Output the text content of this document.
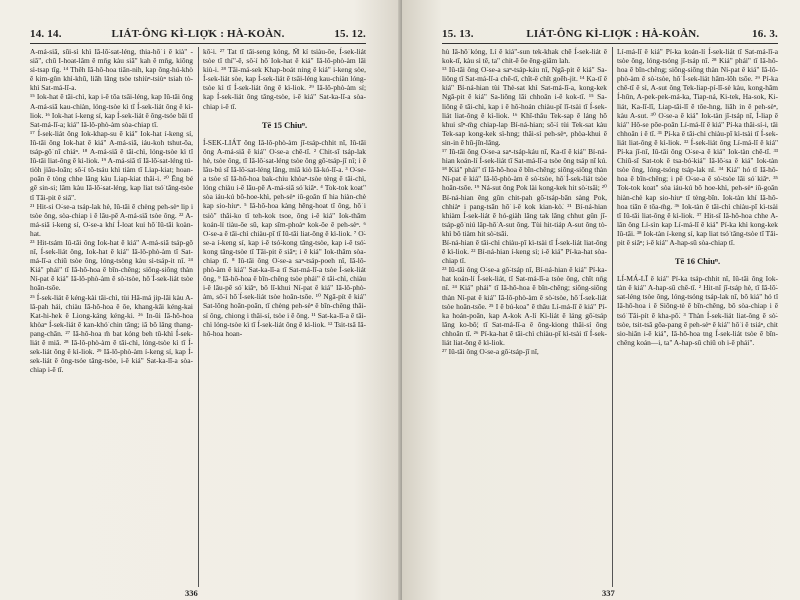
14. 14.	LIÁT-ÔNG KÌ-LIỌ̍K : HÀ-KOÀN.	15. 12.

A-má-siā, sūi-sì khì Iā-lō͘-sat-léng, thia-hō͘ i ē kià" -siā", chū I-hoat-lâm ē mn̄g kàu siā" kah ē mn̄g, kiōng sì-tsap tīg. ¹⁴ Thêh Iā-hô-hoa tiân-nih, kap ông-hú-khò͘ ē kim-gûn khì-khū, liāh lâng tsòe tshiùⁿ-tsiùⁿ tsiah tò-khì Sat-má-lī-a.

¹⁵ Iok-hat ē tāi-chì, kap i-ē tōa tsāi-léng, kap Iû-tāi ông A-má-siā kau-chiàn, lóng-tsòe kì tī Í-sek-liát ông ē kì-liok. ¹⁶ Iok-hat í-keng sí, kap Í-sek-liát ē ông-tsóe bâi tī Sat-má-lī-a; kiá" Iā-lô-phò-àm sòa-chiap tī.

¹⁷ Í-sek-liát ông Iok-khap-su ē kiá" Iok-hat í-keng sí, Iû-tāi ông Iok-hat ē kiá" A-má-siā, iáu-koh tshut-ōa, tsáp-gō͘ nî chiáⁿ. ¹⁸ A-má-siā ē tāi-chì, lóng-tsòe kì tī Iû-tāi liat-ông ē kì-liok. ¹⁹ A-má-siā tī Iā-lō͘-sat-léng tú-tiòh jiâu-loān; sô͘-í tô-tsáu khì tiàm tī Liap-kiat; hoan-poān ē tòng chhe lâng kàu Liap-kiat thâi-i. ²⁰ Ēng bé gē sin-si; lâm kàu Iā-lō͘-sat-léng, kap liat tsó͘ tâng-tsòe tī Tāi-pit ê siâ".

²¹ Hit-si O͘-se-a tsáp-lak hè, Iû-tāi ē chèng peh-sèⁿ lip i tsòe ông, sòa-chiap i ē lāu-pē A-má-siā tsòe ông. ²² A-má-siā í-keng sí, O͘-se-a khí Í-loat kui hō͘ Iû-tāi koàn-hat.

²³ Hit-tsám Iû-tāi ông Iok-hat ē kiá" A-má-siā tsáp-gō͘ nî, Í-sek-liát ông, Iok-hat ē kiá" Iā-lô-phò-àm tī Sat-má-lī-a chiū tsòe ông, lóng-tsòng kàu sì-tsáp-it nî. ²⁴ Kiá" phái" tī Iā-hô-hoa ē bīn-chêng; siōng-siōng thàn Ní-pat ē kiá" Iā-lô-phò-àm ē sò͘-tsòe, hō͘ Í-sek-liát tsòe hoān-tsōe.

²⁵ Í-sek-liát ē kéng-kài tāi-chì, tùi Hâ-má jip-lāi kàu A-lâ-pah hái, chiàu Iā-hô-hoa ē ōe, khang-kāi kéng-kai Kat-hi-hek ē Liong-káng kéng-ki. ²⁶ In-ūi Iā-hô-hoa khòaⁿ Í-sek-liát ē kan-khó͘ chin tāng; iā bô lâng thang-pang-chān. ²⁷ Iā-hô-hoa m̄ bat kóng beh tû-khì Í-sek-liát ē miâ. ²⁸ Iā-lô-phò-àm ē tāi-chì, lóng-tsòe kì tī Í-sek-liát ông ē kì-liok. ²⁹ Iā-lô-phò-àm í-keng sí, kap Í-sek-liát ē ông-tsóe tâng-tsòe, i-ē kiá" Sat-ka-lī-a sòa-chiap i-ē tī.

kō͘-i. ²⁷ Tat tī tāi-seng kóng, M̄ kí tsiàu-ōe, Í-sek-liát tsòe tī thí"-ē, sô͘-í hō͘ Iok-hat ē kiá" Iā-lô-phò-àm lāi kiù-i. ²⁸ Tāi-má-sek Khap-boát ning ē kiá" i-keng sòe, Í-sek-liát sòe, kap Í-sek-liát ē tsāi-léng kau-chiàn lóng-tsòe kì tī Í-sek-liát ông ē kì-liok. ²⁹ Iā-lô-phò-àm sí; kap Í-sek-liát ông tâng-tsòe, i-ē kiá" Sat-ka-lī-a sòa-chiap i-ē tī.

Tē 15 Chiuⁿ.

Í-SEK-LIÁT ông Iā-lô-phò-àm jī-tsáp-chhit nî, Iû-tāi ông A-má-siā ē kiá" O͘-se-a chē-tī. ² Chit-sī tsáp-lak hè, tsòe ông, tī Iā-lō͘-sat-léng tsòe ông gō͘-tsáp-jī nî; i ē lāu-bú sī Iā-lō͘-sat-léng lâng, miâ kiò Iā-kó-lī-a. ³ O͘-se-a tsòe sī Iā-hô-hoa bak-chiu khòaⁿ-tsòe tèng ē tāi-chì, lóng chiàu i-ē lāu-pē A-má-siā só͘ kiâⁿ. ⁴ Tok-tok koat" sòa iáu-kú bô-hoe-khì, peh-sèⁿ iû-goân tī hia hiàn-chè kap sio-hiuⁿ. ⁵ Iā-hô-hoa kàng hêng-hoat tī ông, hō͘ i tsiò" thâi-ko tī teh-kok tsoe, ông i-ē kiá" Iok-thâm koán-lí tiàu-ōe sū, kap sīm-phoàⁿ kok-ōe ē peh-sèⁿ. ⁶ O͘-se-a ē tāi-chì chiàu-pī tī Iû-tāi liat-ông ē kì-liok. ⁷ O͘-se-a í-keng sí, kap i-ē tsó͘-kong tâng-tsòe, kap i-ē tsó͘-kong tâng-tsòe tī Tāi-pit ē siâⁿ; i ē kiá" Iok-thâm sòa-chiap tī. ⁸ Iû-tāi ông O͘-se-a saⁿ-tsáp-poeh nî, Iā-lô-phò-àm ē kiá" Sat-ka-lī-a tī Sat-má-lī-a tsòe Í-sek-liát ông, ⁹ Iā-hô-hoa ē bīn-chêng tsòe phái" ē tāi-chì, chiàu i-ē lāu-pē só͘ kiâⁿ, bô lī-khui Ní-pat ē kiá" Iā-lô-phò-àm, sô͘-í hō͘ Í-sek-liát tsòe hoān-tsōe. ¹⁰ Ngā-pít ē kiá" Sat-lông hoān-poān, tī chèng peh-sèⁿ ē bīn-chêng thâi-sí ông, chiong i thâi-sí, tsòe i ē ông. ¹¹ Sat-ka-lī-a ē tāi-chì lóng-tsòe kì tī Í-sek-liát ông ē kì-liok. ¹² Tsit-tsā Iā-hô-hoa hoan-

336
15. 13.	LIÁT-ÔNG KÌ-LIỌ̍K : HÀ-KOÀN.	16. 3.

hù Iā-hô͘ kóng, Lí ē kiá"-sun tek-khak chē Í-sek-liát ē kok-tī, kàu sì tē, ta" chit-ē ōe ēng-giām lah.

¹³ Iû-tāi ông O͘-se-a saⁿ-tsáp-káu nî, Ngā-pit ē kiá" Sa-liông tī Sat-má-lī-a chē-tī, chīt-ē chīt goēh-jit. ¹⁴ Ka-tī ē kiá" Bí-ná-hian tùi Thè-sat khì Sat-má-lī-a, kong-kek Ngā-pit ē kiá" Sa-liông lāi chhoân i-ē kok-tī. ¹⁵ Sa-liông ē tāi-chì, kap i ē hô͘-hoán chiàu-pī lī-tsài tī Í-sek-liát liat-ông ē kì-liok. ¹⁶ Khī-thâu Tek-sap ē láng hō͘ khui sīⁿ-m̄g chiap-lap Bí-ná-hian; sô͘-í tùi Tek-sat kàu Tek-sap kong-kek sì-hng; thâi-sí peh-sèⁿ, phòa-khui ē sin-in ē hū-jīn-lâng.

¹⁷ Iû-tāi ông O͘-se-a saⁿ-tsáp-káu nî, Ka-tī ē kiá" Bí-ná-hian koán-lí Í-sek-liát tī Sat-má-lī-a tsòe ông tsáp nī kú. ¹⁸ Kiá" phái" tī Iā-hô-hoa ē bīn-chêng; siōng-siōng thàn Ní-pat ē kiá" Iā-lô-phò-àm ē sò͘-tsòe, hō͘ Í-sek-liát tsòe hoān-tsōe. ¹⁹ Ná-sut ông Pok lài kong-kek hit sò͘-tsāi; ²⁰ Bí-ná-hian ēng gûn chit-pah gō͘-tsáp-bān sàng Pok, chhiàⁿ i pang-tsān hō͘ i-ē kok kian-kò͘. ²¹ Bí-ná-hian khiàm Í-sek-liát ē hó-giàh lâng tak lâng chhut gûn jī-tsáp-gō͘ niú lâp-hō͘ A-sut ông. Tùi hit-tiáp A-sut ông tò-khì bô tiàm hit sò͘-tsāi.

Bí-ná-hian ē tāi-chì chiàu-pī kì-tsài tī Í-sek-liát liat-ông ē kì-liok. ²² Bí-ná-hian í-keng sí; i-ē kiá" Pí-ka-hat sòa-chiap tī.

²³ Iû-tāi ông O͘-se-a gō͘-tsáp nî, Bí-ná-hian ē kiá" Pí-ka-hat koán-lí Í-sek-liát, tī Sat-má-lī-a tsòe ông, chīt nn̄g nî. ²⁴ Kiá" phái" tī Iā-hô-hoa ē bīn-chêng; siōng-siōng thàn Ní-pat ē kiá" Iā-lô-phò-àm ē sò͘-tsòe, hō͘ Í-sek-liát tsòe hoān-tsōe. ²⁵ I ē bú-koa" ē thâu Lí-má-lī ē kiá" Pí-ka hoán-poān, kap A-kok A-lí Ki-liát ē láng gō͘-tsáp lâng ko-bô͘; tī Sat-má-lī-a ē ông-kiong thâi-sí ông chhoân tī. ²⁶ Pí-ka-hat ē tāi-chì chiàu-pī kì-tsài tī Í-sek-liát liat-ông ē kì-liok.

²⁷ Iû-tāi ông O͘-se-a gō͘-tsáp-jī nî,

Lí-má-lī ē kiá" Pí-ka koán-lí Í-sek-liát tī Sat-má-lī-a tsòe ông, lóng-tsóng jī-tsáp nî. ²⁸ Kiá" phái" tī Iā-hô-hoa ē bīn-chêng; siōng-siōng thàn Ní-pat ē kiá" Iā-lô-phò-àm ē sò͘-tsòe, hō͘ Í-sek-liát hām-lōh tsōe. ²⁹ Pí-ka chē-tī ē sì, A-sut ông Tek-liap-pí-lī-sè kàu, kong-hām Í-hūn, A-pek-pek-má-ka, Tiap-ná, Ki-tek, Ha-sok, Ki-liát, Ka-lī-lī, Liap-tāi-lī ē tōe-hng, liāh in ē peh-sèⁿ, kàu A-sut. ³⁰ O͘-se-a ē kiá" Iok-tàn jī-tsáp nî, Í-liap ē kiá" Hô-se pōe-poān Lí-má-lī ē kiá" Pí-ka thâi-sí-i, tāi chhoân i ē tī. ³¹ Pí-ka ē tāi-chì chiàu-pī kì-tsài tī Í-sek-liát liat-ông ē kì-liok. ³² Í-sek-liát ông Lí-má-lī ē kiá" Pí-ka jī-nî, Iû-tāi ông O͘-se-a ē kiá" Iok-tàn chē-tī. ³³ Chiū-sī Sat-tok ē tsa-bó͘-kiá" Iā-lō͘-sa ē kiá" Iok-tàn tsòe ông, lóng-tsóng tsáp-lak nî. ³⁴ Kiá" hó tī Iā-hô-hoa ē bīn-chêng; i pē O͘-se-a ē sò͘-tsòe lāi só͘ kiâⁿ. ³⁵ Tok-tok koat" sòa iáu-kú bô hoe-khì, peh-sèⁿ iû-goân hiàn-chè kap sio-hiuⁿ tī tèng-bīn. Iok-tàn khí Iā-hô-hoa tiān ē tōa-m̄g. ³⁶ Iok-tàn ē tāi-chì chiàu-pī kì-tsài tī Iû-tāi liat-ông ē kì-liok. ³⁷ Hit-sī Iā-hô-hoa chhe A-lân ông Lí-sìn kap Lí-má-lī ē kiá" Pí-ka khì kong-kek Iû-tāi. ³⁸ Iok-tàn í-keng sí, kap liat tsó͘ tâng-tsòe tī Tāi-pit ē siâⁿ; i-ē kiá" A-hap-sū sòa-chiap tī.

Tē 16 Chiuⁿ.

LÍ-MÁ-LĪ ē kiá" Pí-ka tsáp-chhit nî, Iû-tāi ông Iok-tàn ē kiá" A-hap-sū chē-tī. ² Hit-nî jī-tsáp hè, tī Iā-lō͘-sat-léng tsòe ông, lóng-tsóng tsáp-lak nî, bô kiá" hó tī Iā-hô-hoa i ē Siōng-tè ē bīn-chêng, bô sòa-chiap i ē tsó͘ Tāi-pít ē kha-pō͘. ³ Thàn Í-sek-liát liat-ông ē sò͘-tsòe, tsit-tsā gōa-pang ē peh-sèⁿ ē kiá" hō͘ i ē tsiáⁿ, chit sio-hiân i-ē kiá", Iā-hô-hoa tng Í-sek-liát tsòe ē bīn-chêng koán—i, ta" A-hap-sū chiū oh i-ē phái".

337
